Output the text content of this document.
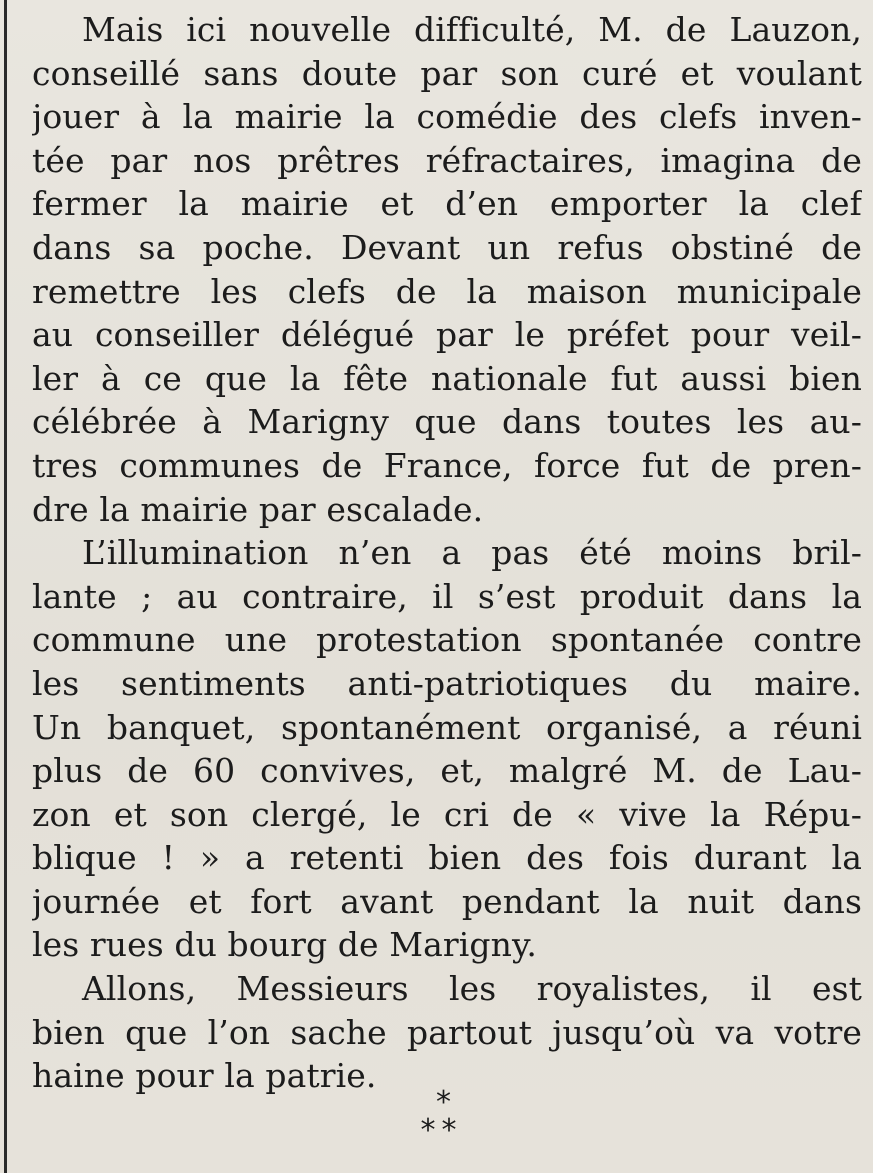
Mais ici nouvelle difficulté, M. de Lauzon,
conseillé sans doute par son curé et voulant
jouer à la mairie la comédie des clefs inven-
tée par nos prêtres réfractaires, imagina de
fermer la mairie et d’en emporter la clef
dans sa poche. Devant un refus obstiné de
remettre les clefs de la maison municipale
au conseiller délégué par le préfet pour veil-
ler à ce que la fête nationale fut aussi bien
célébrée à Marigny que dans toutes les au-
tres communes de France, force fut de pren-
dre la mairie par escalade.
L’illumination n’en a pas été moins bril-
lante ; au contraire, il s’est produit dans la
commune une protestation spontanée contre
les sentiments anti-patriotiques du maire.
Un banquet, spontanément organisé, a réuni
plus de 60 convives, et, malgré M. de Lau-
zon et son clergé, le cri de « vive la Répu-
blique ! » a retenti bien des fois durant la
journée et fort avant pendant la nuit dans
les rues du bourg de Marigny.
Allons, Messieurs les royalistes, il est
bien que l’on sache partout jusqu’où va votre
haine pour la patrie.
*
**
